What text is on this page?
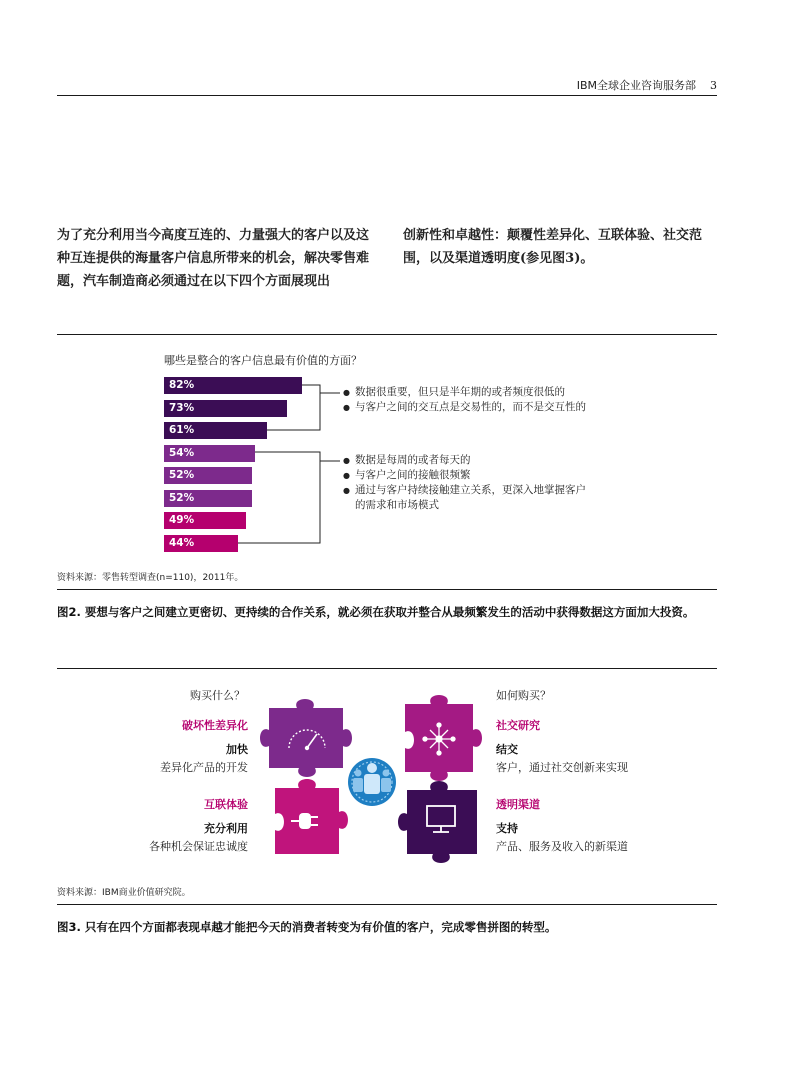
IBM全球企业咨询服务部 3
为了充分利用当今高度互连的、力量强大的客户以及这种互连提供的海量客户信息所带来的机会，解决零售难题，汽车制造商必须通过在以下四个方面展现出
创新性和卓越性：颠覆性差异化、互联体验、社交范围，以及渠道透明度(参见图3)。
哪些是整合的客户信息最有价值的方面？
82%
73%
61%
54%
52%
52%
49%
44%
● 数据很重要，但只是半年期的或者频度很低的
● 与客户之间的交互点是交易性的，而不是交互性的
● 数据是每周的或者每天的
● 与客户之间的接触很频繁
● 通过与客户持续接触建立关系，更深入地掌握客户
的需求和市场模式
资料来源：零售转型调查(n=110)，2011年。
图2. 要想与客户之间建立更密切、更持续的合作关系，就必须在获取并整合从最频繁发生的活动中获得数据这方面加大投资。
购买什么？	如何购买？
破坏性差异化
加快
差异化产品的开发
互联体验
充分利用
各种机会保证忠诚度
社交研究
结交
客户，通过社交创新来实现
透明渠道
支持
产品、服务及收入的新渠道
资料来源：IBM商业价值研究院。
图3. 只有在四个方面都表现卓越才能把今天的消费者转变为有价值的客户，完成零售拼图的转型。
